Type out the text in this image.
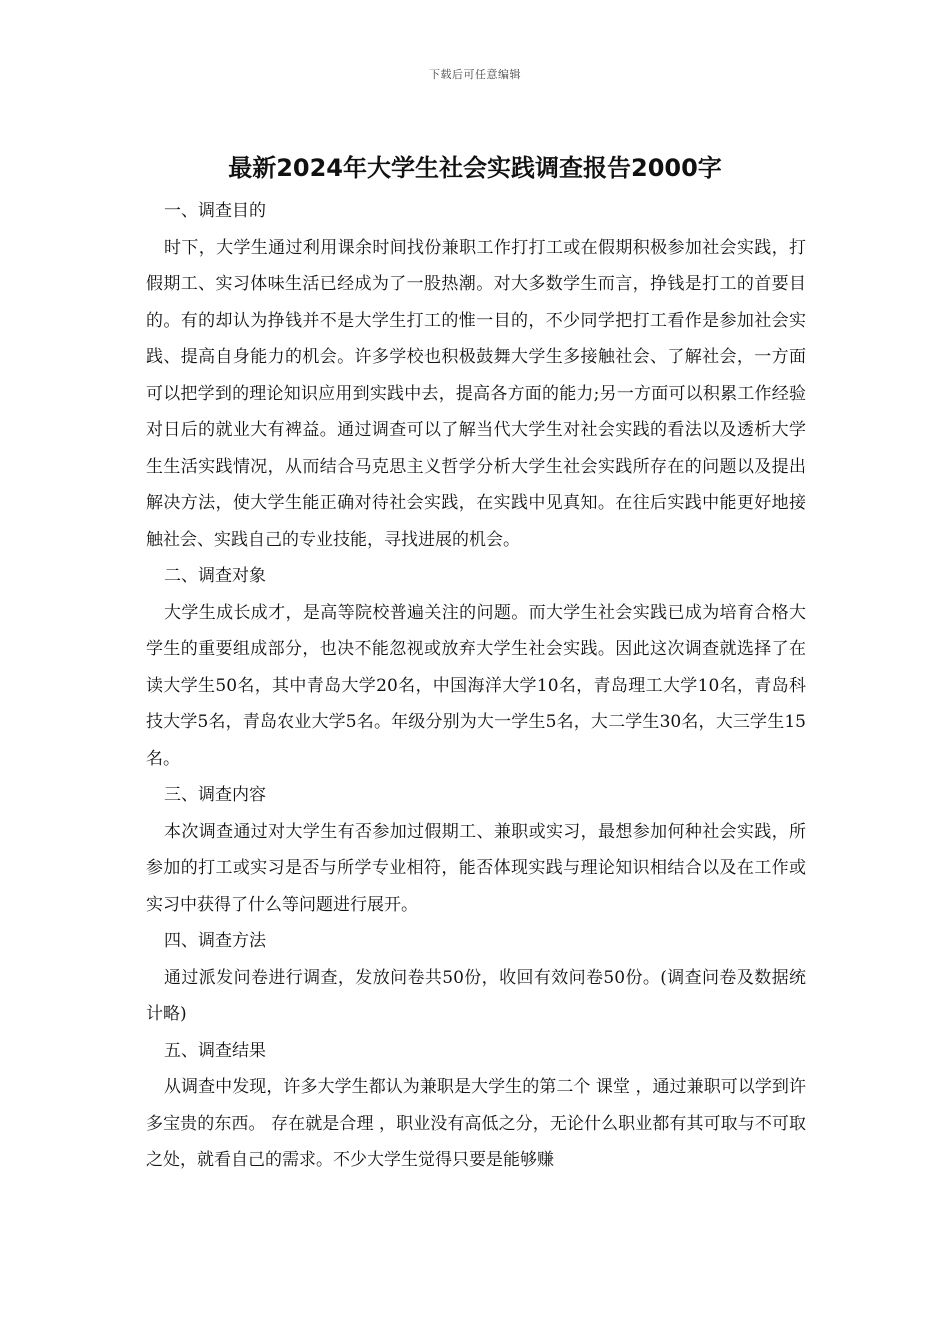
下载后可任意编辑
最新2024年大学生社会实践调查报告2000字
一、调查目的

时下，大学生通过利用课余时间找份兼职工作打打工或在假期积极参加社会实践，打假期工、实习体味生活已经成为了一股热潮。对大多数学生而言，挣钱是打工的首要目的。有的却认为挣钱并不是大学生打工的惟一目的，不少同学把打工看作是参加社会实践、提高自身能力的机会。许多学校也积极鼓舞大学生多接触社会、了解社会，一方面可以把学到的理论知识应用到实践中去，提高各方面的能力;另一方面可以积累工作经验对日后的就业大有裨益。通过调查可以了解当代大学生对社会实践的看法以及透析大学生生活实践情况，从而结合马克思主义哲学分析大学生社会实践所存在的问题以及提出解决方法，使大学生能正确对待社会实践，在实践中见真知。在往后实践中能更好地接触社会、实践自己的专业技能，寻找进展的机会。

二、调查对象

大学生成长成才，是高等院校普遍关注的问题。而大学生社会实践已成为培育合格大学生的重要组成部分，也决不能忽视或放弃大学生社会实践。因此这次调查就选择了在读大学生50名，其中青岛大学20名，中国海洋大学10名，青岛理工大学10名，青岛科技大学5名，青岛农业大学5名。年级分别为大一学生5名，大二学生30名，大三学生15名。

三、调查内容

本次调查通过对大学生有否参加过假期工、兼职或实习，最想参加何种社会实践，所参加的打工或实习是否与所学专业相符，能否体现实践与理论知识相结合以及在工作或实习中获得了什么等问题进行展开。

四、调查方法

通过派发问卷进行调查，发放问卷共50份，收回有效问卷50份。(调查问卷及数据统计略)

五、调查结果

从调查中发现，许多大学生都认为兼职是大学生的第二个 课堂 ，通过兼职可以学到许多宝贵的东西。 存在就是合理 ，职业没有高低之分，无论什么职业都有其可取与不可取之处，就看自己的需求。不少大学生觉得只要是能够赚
